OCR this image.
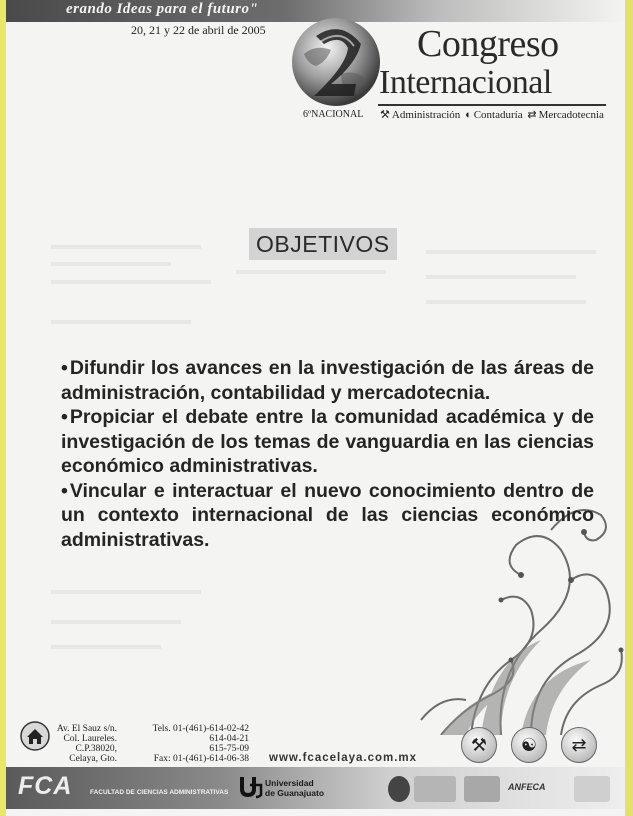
erando Ideas para el futuro"
20, 21 y 22 de abril de 2005	Congreso
Internacional
6ºNACIONAL ⚒ Administración ◐ Contaduría ⇄ Mercadotecnia
OBJETIVOS

• Difundir los avances en la investigación de las áreas de administración, contabilidad y mercadotecnia.

• Propiciar el debate entre la comunidad académica y de investigación de los temas de vanguardia en las ciencias económico administrativas.

• Vincular e interactuar el nuevo conocimiento dentro de un contexto internacional de las ciencias económico administrativas.

Av. El Sauz s/n.
Col. Laureles.
C.P.38020,
Celaya, Gto.
Tels. 01-(461)-614-02-42
614-04-21
615-75-09
Fax: 01-(461)-614-06-38 www.fcacelaya.com.mx
⚒	☯	⇄
FCA	FACULTAD DE CIENCIAS ADMINISTRATIVAS
Universidad
de Guanajuato
ANFECA
